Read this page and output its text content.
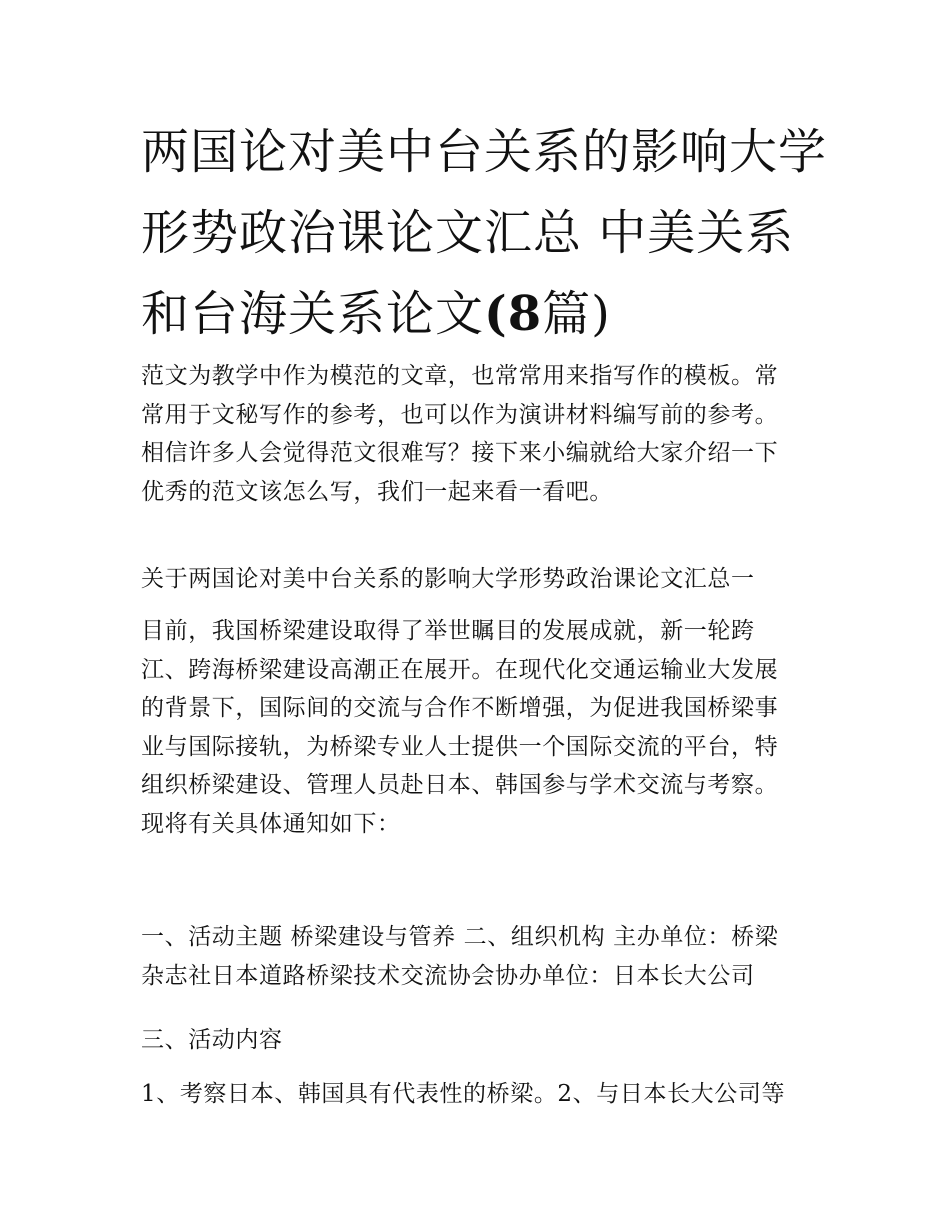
两国论对美中台关系的影响大学形势政治课论文汇总 中美关系和台海关系论文(8篇)

范文为教学中作为模范的文章，也常常用来指写作的模板。常
常用于文秘写作的参考，也可以作为演讲材料编写前的参考。
相信许多人会觉得范文很难写？接下来小编就给大家介绍一下
优秀的范文该怎么写，我们一起来看一看吧。

关于两国论对美中台关系的影响大学形势政治课论文汇总一

目前，我国桥梁建设取得了举世瞩目的发展成就，新一轮跨
江、跨海桥梁建设高潮正在展开。在现代化交通运输业大发展
的背景下，国际间的交流与合作不断增强，为促进我国桥梁事
业与国际接轨，为桥梁专业人士提供一个国际交流的平台，特
组织桥梁建设、管理人员赴日本、韩国参与学术交流与考察。
现将有关具体通知如下：

一、活动主题 桥梁建设与管养 二、组织机构 主办单位：桥梁
杂志社日本道路桥梁技术交流协会协办单位：日本长大公司

三、活动内容

1、考察日本、韩国具有代表性的桥梁。2、与日本长大公司等
